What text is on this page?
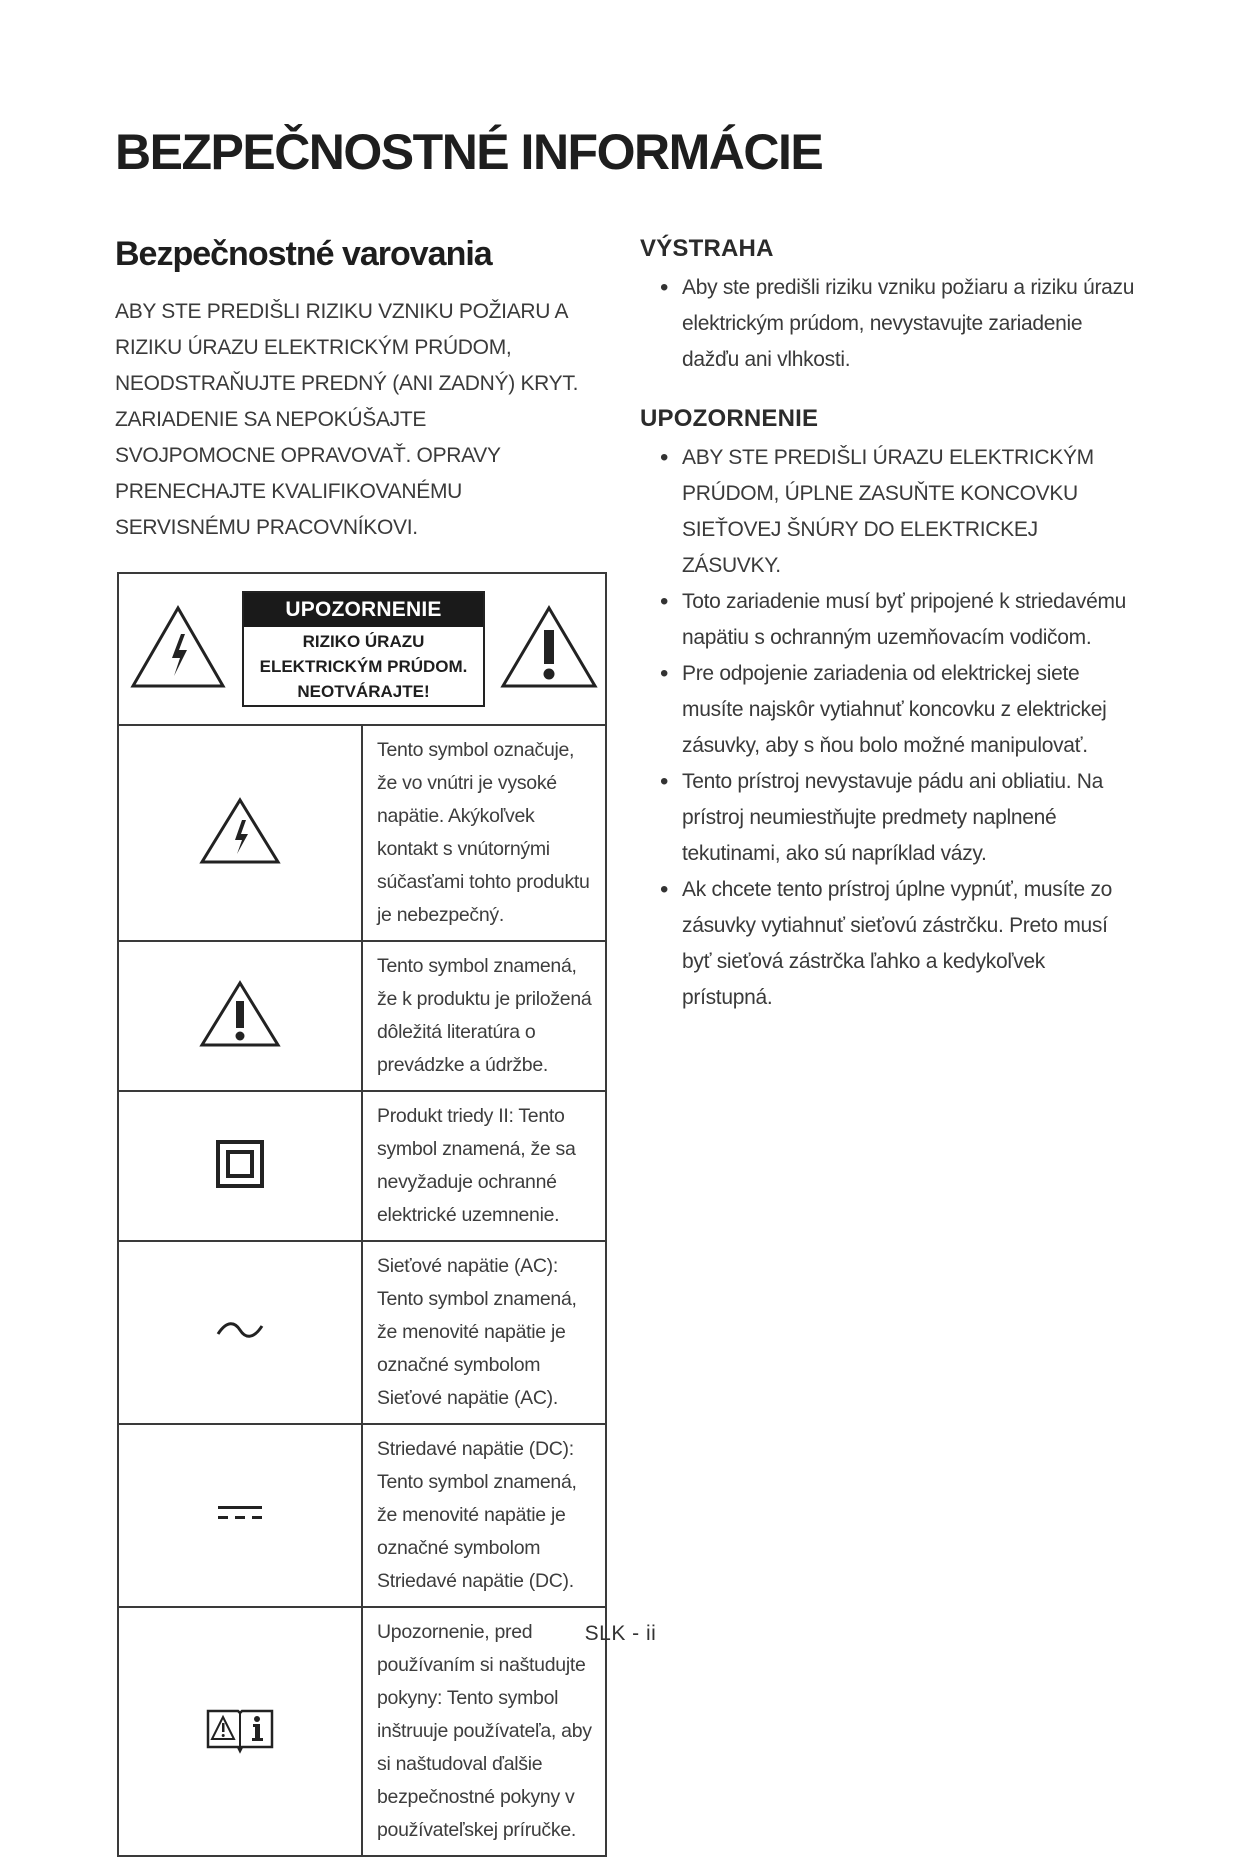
BEZPEČNOSTNÉ INFORMÁCIE
Bezpečnostné varovania

ABY STE PREDIŠLI RIZIKU VZNIKU POŽIARU A RIZIKU ÚRAZU ELEKTRICKÝM PRÚDOM, NEODSTRAŇUJTE PREDNÝ (ANI ZADNÝ) KRYT. ZARIADENIE SA NEPOKÚŠAJTE SVOJPOMOCNE OPRAVOVAŤ. OPRAVY PRENECHAJTE KVALIFIKOVANÉMU SERVISNÉMU PRACOVNÍKOVI.

UPOZORNENIE
RIZIKO ÚRAZU
ELEKTRICKÝM PRÚDOM.
NEOTVÁRAJTE!	

	Tento symbol označuje, že vo vnútri je vysoké napätie. Akýkoľvek kontakt s vnútornými súčasťami tohto produktu je nebezpečný.
	Tento symbol znamená, že k produktu je priložená dôležitá literatúra o prevádzke a údržbe.
	Produkt triedy II: Tento symbol znamená, že sa nevyžaduje ochranné elektrické uzemnenie.
	Sieťové napätie (AC): Tento symbol znamená, že menovité napätie je označné symbolom Sieťové napätie (AC).
	Striedavé napätie (DC): Tento symbol znamená, že menovité napätie je označné symbolom Striedavé napätie (DC).
	Upozornenie, pred používaním si naštudujte pokyny: Tento symbol inštruuje používateľa, aby si naštudoval ďalšie bezpečnostné pokyny v používateľskej príručke.
VÝSTRAHA
• Aby ste predišli riziku vzniku požiaru a riziku úrazu elektrickým prúdom, nevystavujte zariadenie dažďu ani vlhkosti.
UPOZORNENIE
• ABY STE PREDIŠLI ÚRAZU ELEKTRICKÝM PRÚDOM, ÚPLNE ZASUŇTE KONCOVKU SIEŤOVEJ ŠNÚRY DO ELEKTRICKEJ ZÁSUVKY.
• Toto zariadenie musí byť pripojené k striedavému napätiu s ochranným uzemňovacím vodičom.
• Pre odpojenie zariadenia od elektrickej siete musíte najskôr vytiahnuť koncovku z elektrickej zásuvky, aby s ňou bolo možné manipulovať.
• Tento prístroj nevystavuje pádu ani obliatiu. Na prístroj neumiestňujte predmety naplnené tekutinami, ako sú napríklad vázy.
• Ak chcete tento prístroj úplne vypnúť, musíte zo zásuvky vytiahnuť sieťovú zástrčku. Preto musí byť sieťová zástrčka ľahko a kedykoľvek prístupná.
SLK - ii
